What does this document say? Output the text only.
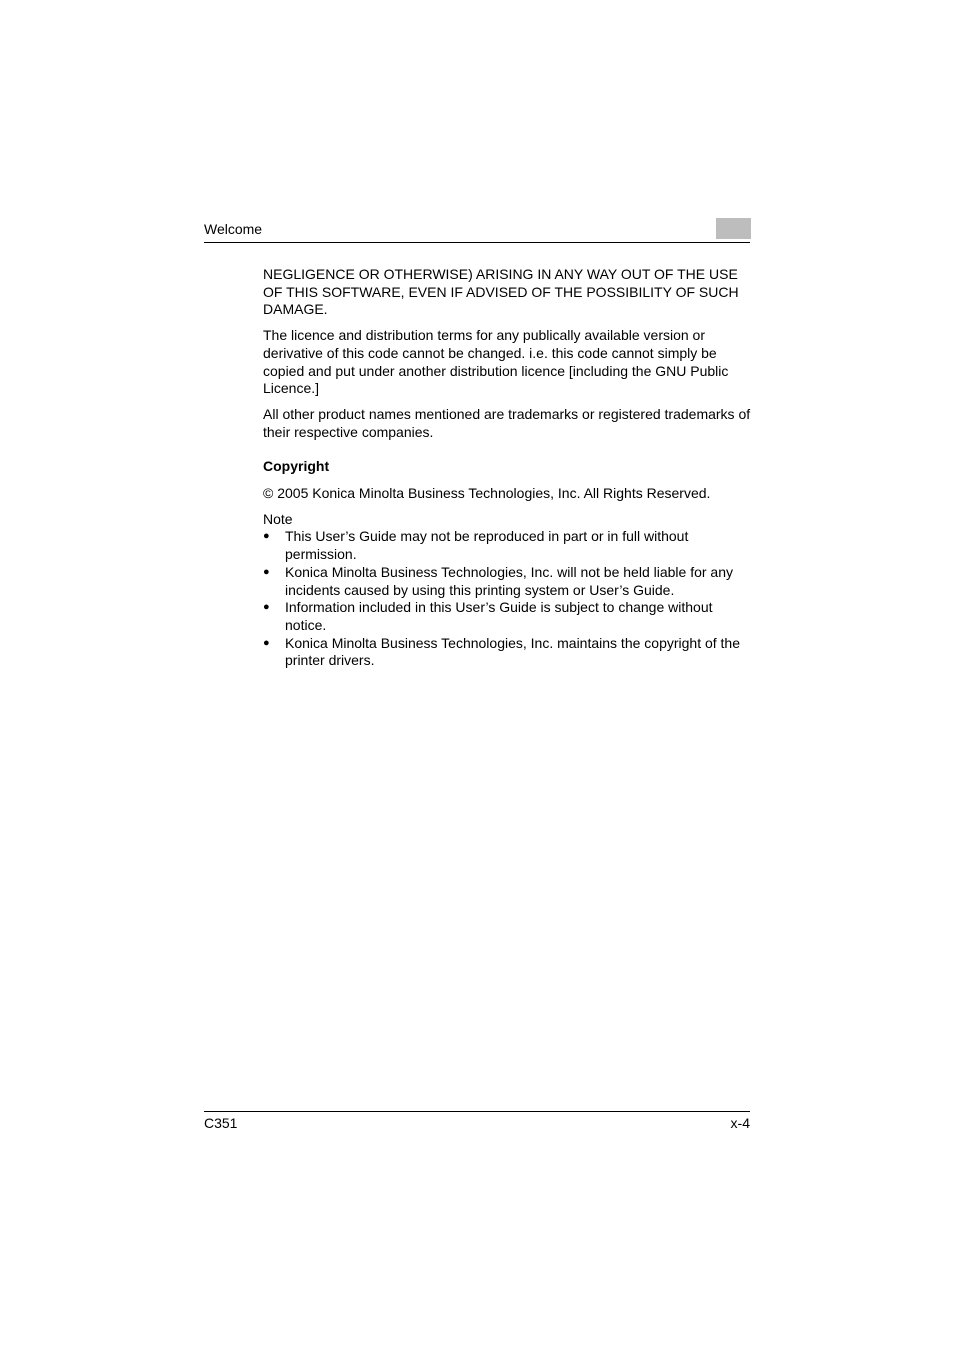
Welcome

NEGLIGENCE OR OTHERWISE) ARISING IN ANY WAY OUT OF THE USE OF THIS SOFTWARE, EVEN IF ADVISED OF THE POSSIBILITY OF SUCH DAMAGE.

The licence and distribution terms for any publically available version or derivative of this code cannot be changed. i.e. this code cannot simply be copied and put under another distribution licence [including the GNU Public Licence.]

All other product names mentioned are trademarks or registered trademarks of their respective companies.

Copyright

© 2005 Konica Minolta Business Technologies, Inc. All Rights Reserved.

Note

● This User’s Guide may not be reproduced in part or in full without permission.
● Konica Minolta Business Technologies, Inc. will not be held liable for any incidents caused by using this printing system or User’s Guide.
● Information included in this User’s Guide is subject to change without notice.
● Konica Minolta Business Technologies, Inc. maintains the copyright of the printer drivers.
C351	x-4
